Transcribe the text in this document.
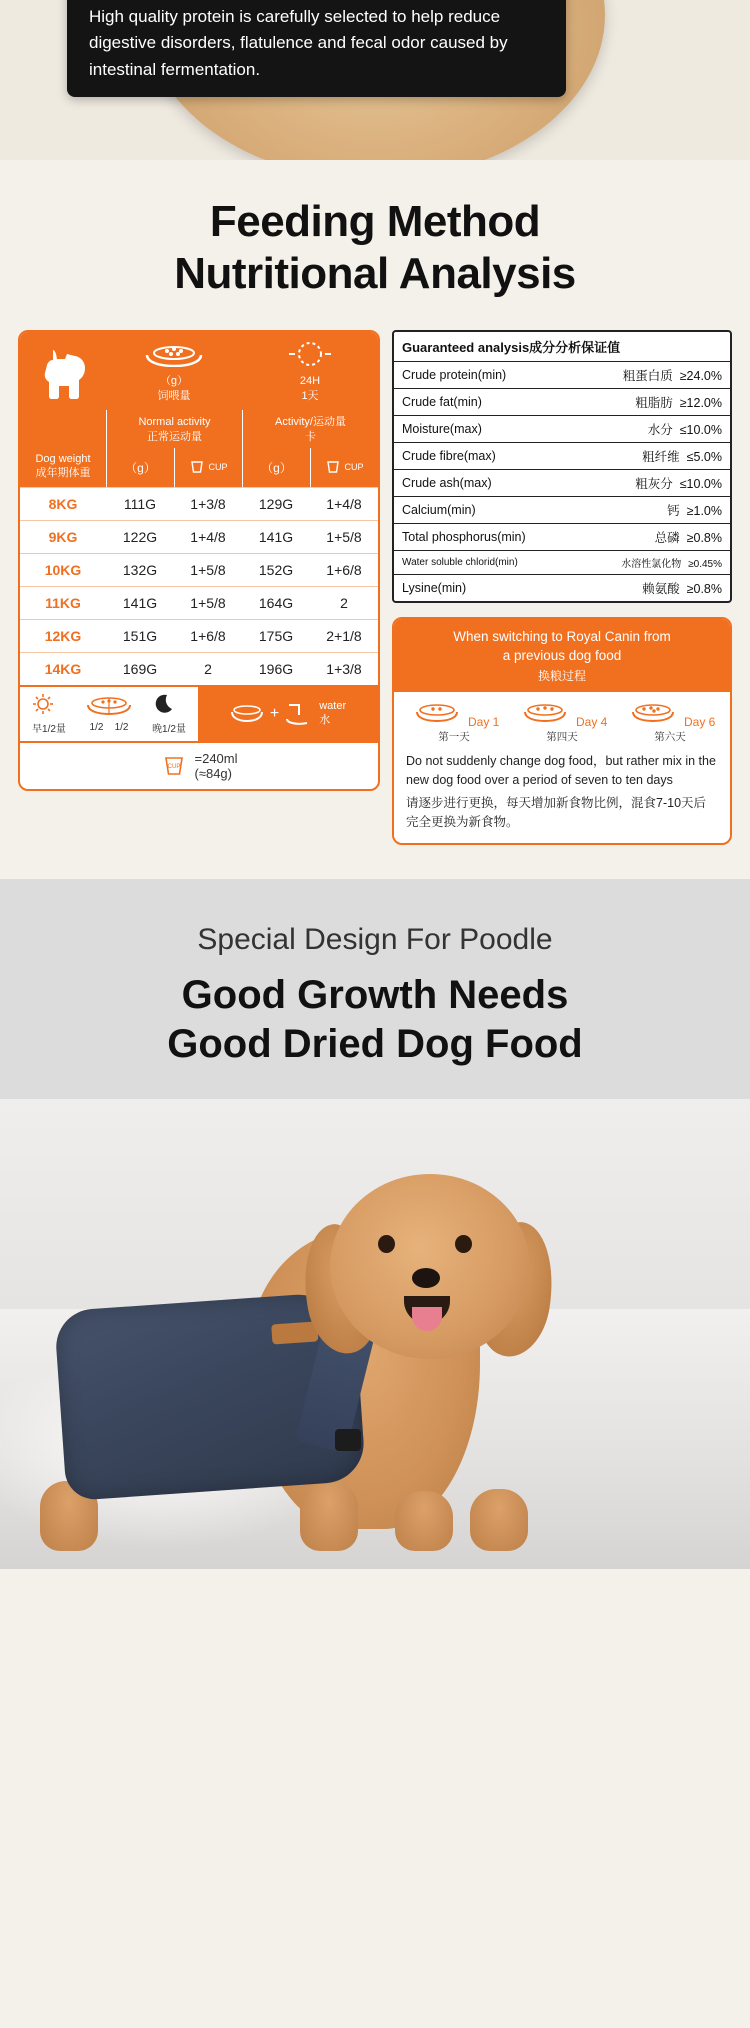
High quality protein is carefully selected to help reduce digestive disorders, flatulence and fecal odor caused by intestinal fermentation.
Feeding Method
Nutritional Analysis
（g）
饲喂量
24H
1天
Normal activity
正常运动量
Activity/运动量
卡
Dog weight
成年期体重	（g）	CUP	（g）	CUP
8KG	111G	1+3/8	129G	1+4/8
9KG	122G	1+4/8	141G	1+5/8
10KG	132G	1+5/8	152G	1+6/8
11KG	141G	1+5/8	164G	2
12KG	151G	1+6/8	175G	2+1/8
14KG	169G	2	196G	1+3/8
早1/2量	1/2 1/2	晚1/2量
+	water
水
CUP
=240ml
(≈84g)
Guaranteed analysis成分分析保证值
Crude protein(min)	粗蛋白质 ≥24.0%
Crude fat(min)	粗脂肪 ≥12.0%
Moisture(max)	水分 ≤10.0%
Crude fibre(max)	粗纤维 ≤5.0%
Crude ash(max)	粗灰分 ≤10.0%
Calcium(min)	钙 ≥1.0%
Total phosphorus(min)	总磷 ≥0.8%
Water soluble chlorid(min)	水溶性氯化物 ≥0.45%
Lysine(min)	赖氨酸 ≥0.8%
When switching to Royal Canin from
a previous dog food
换粮过程
Day 1
第一天
Day 4
第四天
Day 6
第六天
Do not suddenly change dog food，but rather mix in the new dog food over a period of seven to ten days
请逐步进行更换，每天增加新食物比例，混食7-10天后完全更换为新食物。

Special Design For Poodle

Good Growth Needs
Good Dried Dog Food
